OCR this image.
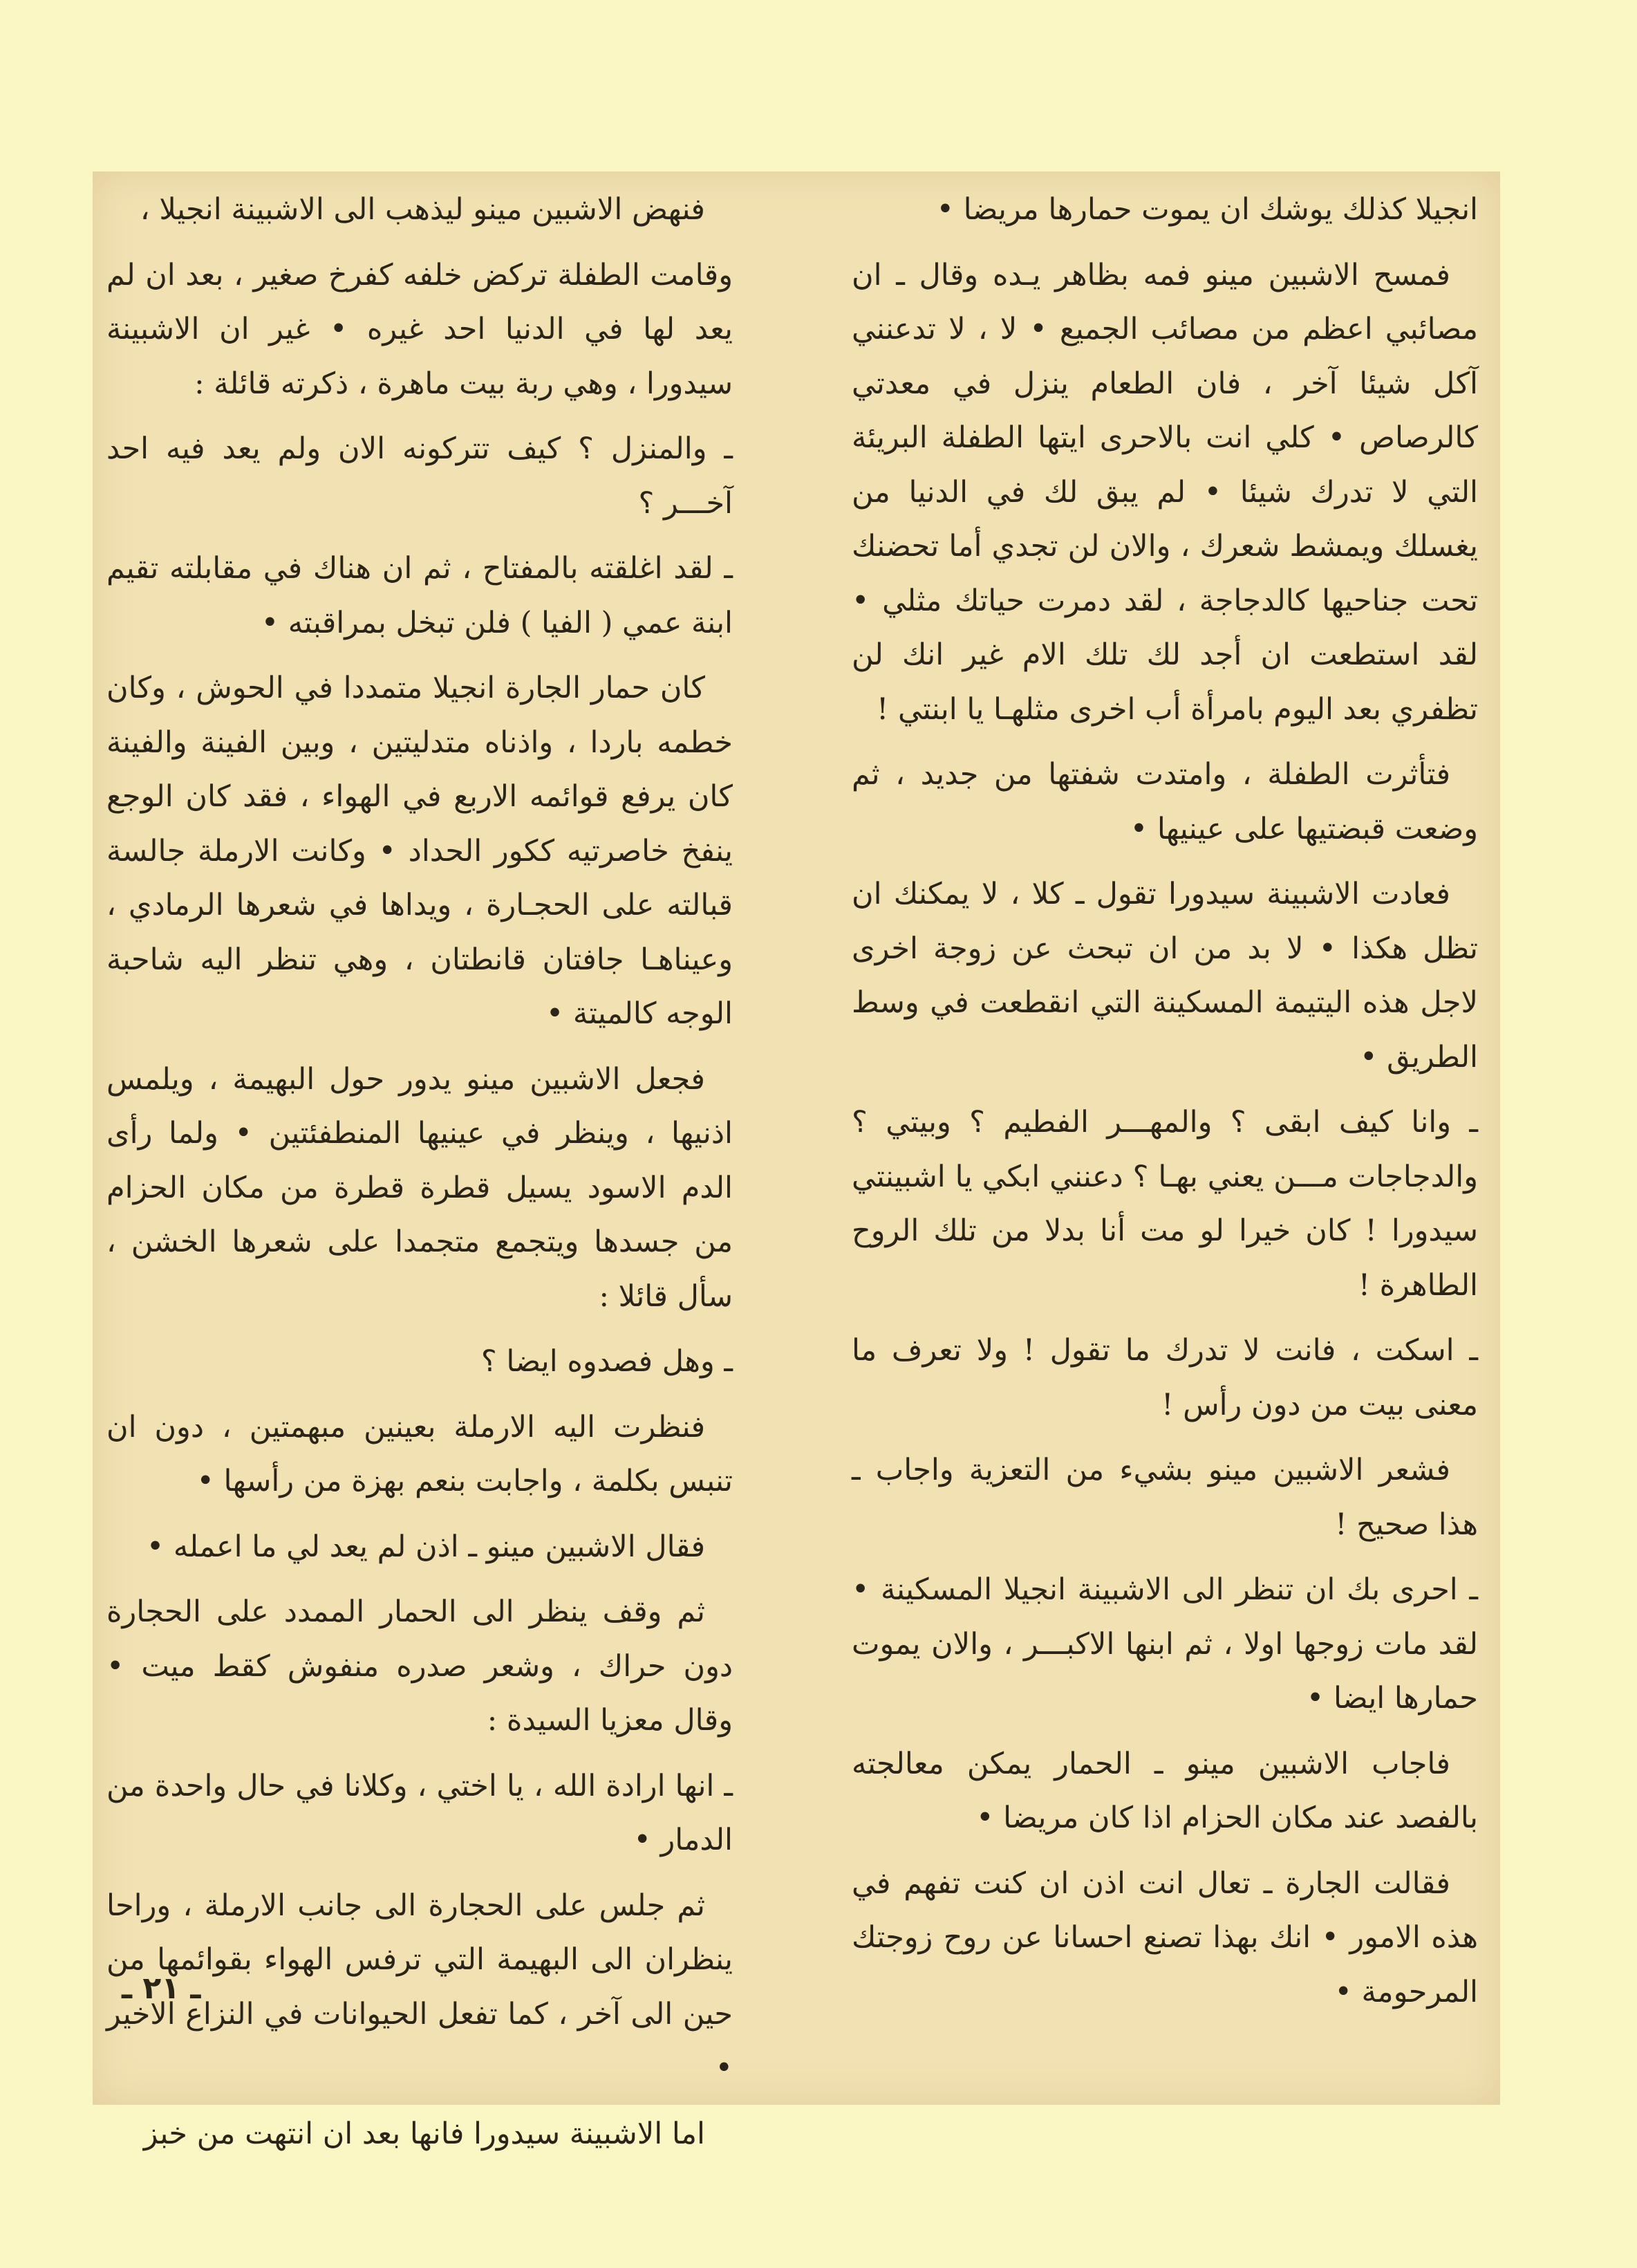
انجيلا كذلك يوشك ان يموت حمارها مريضا •

فمسح الاشبين مينو فمه بظاهر يـده وقال ـ ان مصائبي اعظم من مصائب الجميع • لا ، لا تدعنني آكل شيئا آخر ، فان الطعام ينزل في معدتي كالرصاص • كلي انت بالاحرى ايتها الطفلة البريئة التي لا تدرك شيئا • لم يبق لك في الدنيا من يغسلك ويمشط شعرك ، والان لن تجدي أما تحضنك تحت جناحيها كالدجاجة ، لقد دمرت حياتك مثلي • لقد استطعت ان أجد لك تلك الام غير انك لن تظفري بعد اليوم بامرأة أب اخرى مثلهـا يا ابنتي !

فتأثرت الطفلة ، وامتدت شفتها من جديد ، ثم وضعت قبضتيها على عينيها •

فعادت الاشبينة سيدورا تقول ـ كلا ، لا يمكنك ان تظل هكذا • لا بد من ان تبحث عن زوجة اخرى لاجل هذه اليتيمة المسكينة التي انقطعت في وسط الطريق •

ـ وانا كيف ابقى ؟ والمهـــر الفطيم ؟ وبيتي ؟ والدجاجات مـــن يعني بهـا ؟ دعنني ابكي يا اشبينتي سيدورا ! كان خيرا لو مت أنا بدلا من تلك الروح الطاهرة !

ـ اسكت ، فانت لا تدرك ما تقول ! ولا تعرف ما معنى بيت من دون رأس !

فشعر الاشبين مينو بشيء من التعزية واجاب ـ هذا صحيح !

ـ احرى بك ان تنظر الى الاشبينة انجيلا المسكينة • لقد مات زوجها اولا ، ثم ابنها الاكبـــر ، والان يموت حمارها ايضا •

فاجاب الاشبين مينو ـ الحمار يمكن معالجته بالفصد عند مكان الحزام اذا كان مريضا •

فقالت الجارة ـ تعال انت اذن ان كنت تفهم في هذه الامور • انك بهذا تصنع احسانا عن روح زوجتك المرحومة •

فنهض الاشبين مينو ليذهب الى الاشبينة انجيلا ،

وقامت الطفلة تركض خلفه كفرخ صغير ، بعد ان لم يعد لها في الدنيا احد غيره • غير ان الاشبينة سيدورا ، وهي ربة بيت ماهرة ، ذكرته قائلة :

ـ والمنزل ؟ كيف تتركونه الان ولم يعد فيه احد آخـــر ؟

ـ لقد اغلقته بالمفتاح ، ثم ان هناك في مقابلته تقيم ابنة عمي ( الفيا ) فلن تبخل بمراقبته •

كان حمار الجارة انجيلا متمددا في الحوش ، وكان خطمه باردا ، واذناه متدليتين ، وبين الفينة والفينة كان يرفع قوائمه الاربع في الهواء ، فقد كان الوجع ينفخ خاصرتيه ككور الحداد • وكانت الارملة جالسة قبالته على الحجـارة ، ويداها في شعرها الرمادي ، وعيناهـا جافتان قانطتان ، وهي تنظر اليه شاحبة الوجه كالميتة •

فجعل الاشبين مينو يدور حول البهيمة ، ويلمس اذنيها ، وينظر في عينيها المنطفئتين • ولما رأى الدم الاسود يسيل قطرة قطرة من مكان الحزام من جسدها ويتجمع متجمدا على شعرها الخشن ، سأل قائلا :

ـ وهل فصدوه ايضا ؟

فنظرت اليه الارملة بعينين مبهمتين ، دون ان تنبس بكلمة ، واجابت بنعم بهزة من رأسها •

فقال الاشبين مينو ـ اذن لم يعد لي ما اعمله •

ثم وقف ينظر الى الحمار الممدد على الحجارة دون حراك ، وشعر صدره منفوش كقط ميت • وقال معزيا السيدة :

ـ انها ارادة الله ، يا اختي ، وكلانا في حال واحدة من الدمار •

ثم جلس على الحجارة الى جانب الارملة ، وراحا ينظران الى البهيمة التي ترفس الهواء بقوائمها من حين الى آخر ، كما تفعل الحيوانات في النزاع الاخير •

اما الاشبينة سيدورا فانها بعد ان انتهت من خبز

ـ ٢١ ـ
